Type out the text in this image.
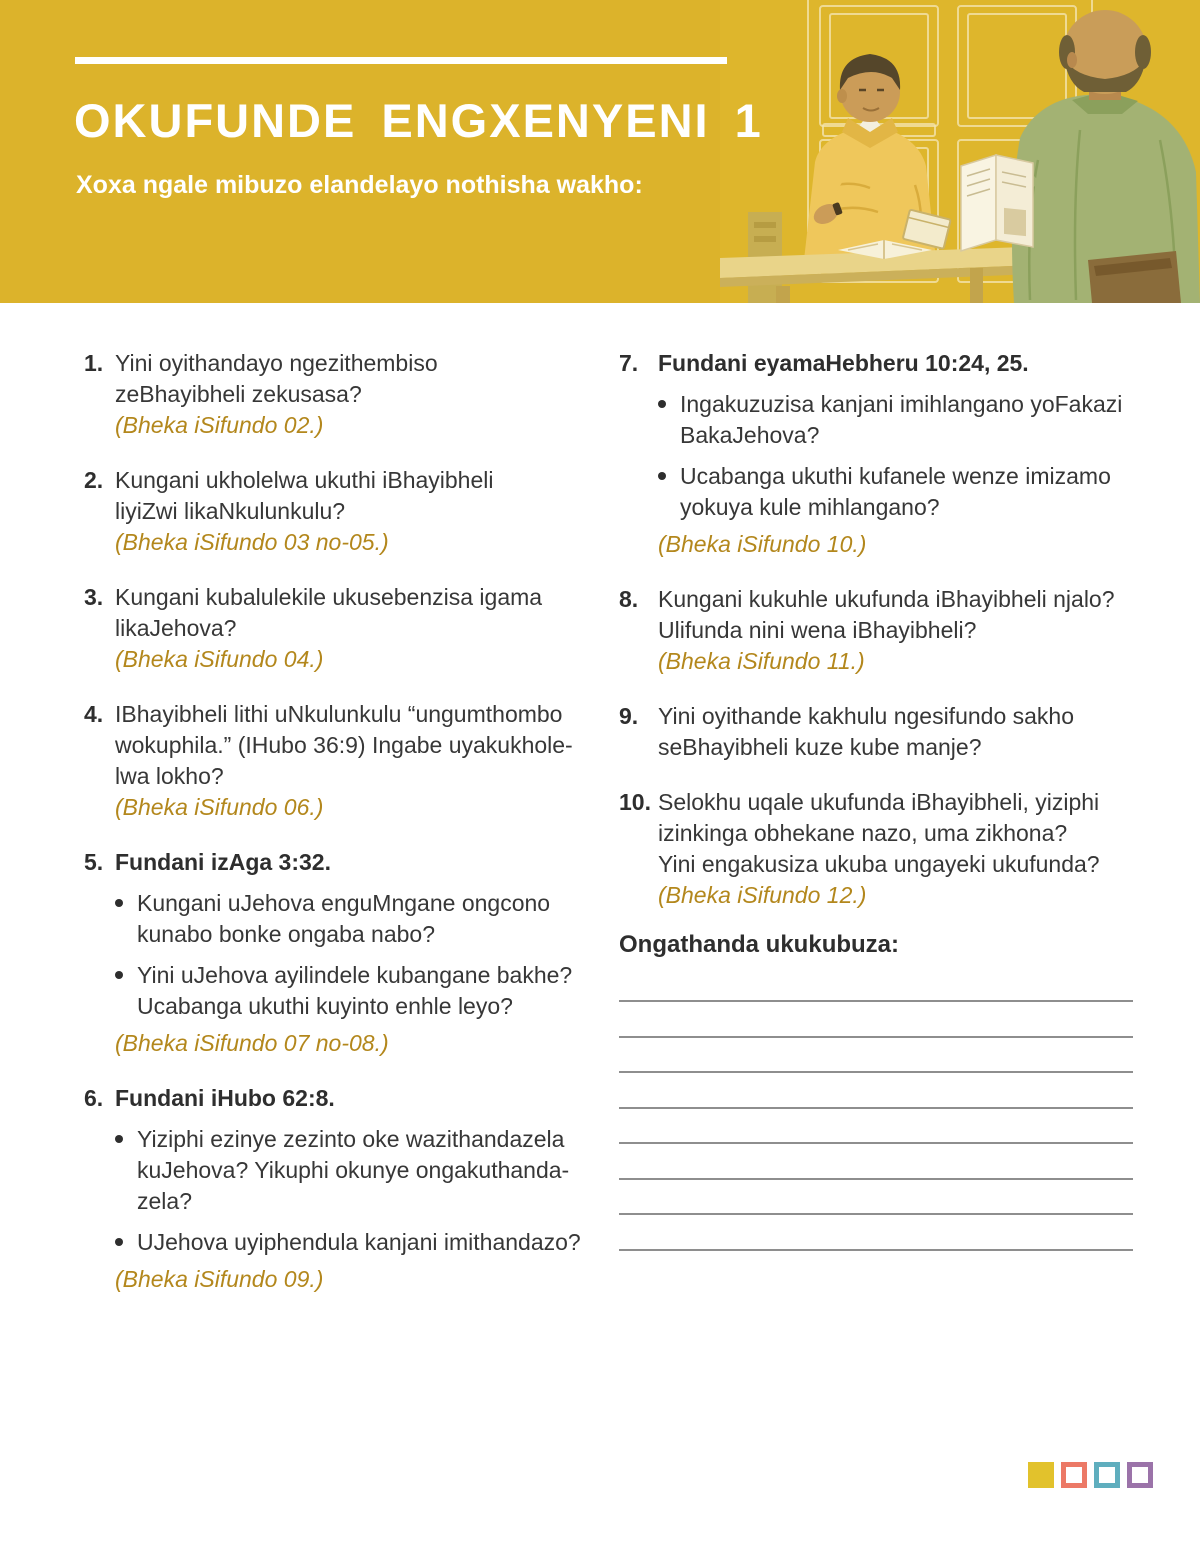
OKUFUNDE ENGXENYENI 1

Xoxa ngale mibuzo elandelayo nothisha wakho:

1. Yini oyithandayo ngezithembiso
zeBhayibheli zekusasa?
(Bheka iSifundo 02.)
2. Kungani ukholelwa ukuthi iBhayibheli
liyiZwi likaNkulunkulu?
(Bheka iSifundo 03 no-05.)
3. Kungani kubalulekile ukusebenzisa igama
likaJehova?
(Bheka iSifundo 04.)
4. IBhayibheli lithi uNkulunkulu “ungumthombo
wokuphila.” (IHubo 36:9) Ingabe uyakukhole-
lwa lokho?
(Bheka iSifundo 06.)
5. Fundani izAga 3:32.
Kungani uJehova enguMngane ongcono
kunabo bonke ongaba nabo?
Yini uJehova ayilindele kubangane bakhe?
Ucabanga ukuthi kuyinto enhle leyo?
(Bheka iSifundo 07 no-08.)
6. Fundani iHubo 62:8.
Yiziphi ezinye zezinto oke wazithandazela
kuJehova? Yikuphi okunye ongakuthanda-
zela?
UJehova uyiphendula kanjani imithandazo?
(Bheka iSifundo 09.)
7. Fundani eyamaHebheru 10:24, 25.
Ingakuzuzisa kanjani imihlangano yoFakazi
BakaJehova?
Ucabanga ukuthi kufanele wenze imizamo
yokuya kule mihlangano?
(Bheka iSifundo 10.)
8. Kungani kukuhle ukufunda iBhayibheli njalo?
Ulifunda nini wena iBhayibheli?
(Bheka iSifundo 11.)
9. Yini oyithande kakhulu ngesifundo sakho
seBhayibheli kuze kube manje?
10. Selokhu uqale ukufunda iBhayibheli, yiziphi
izinkinga obhekane nazo, uma zikhona?
Yini engakusiza ukuba ungayeki ukufunda?
(Bheka iSifundo 12.)
Ongathanda ukukubuza:
